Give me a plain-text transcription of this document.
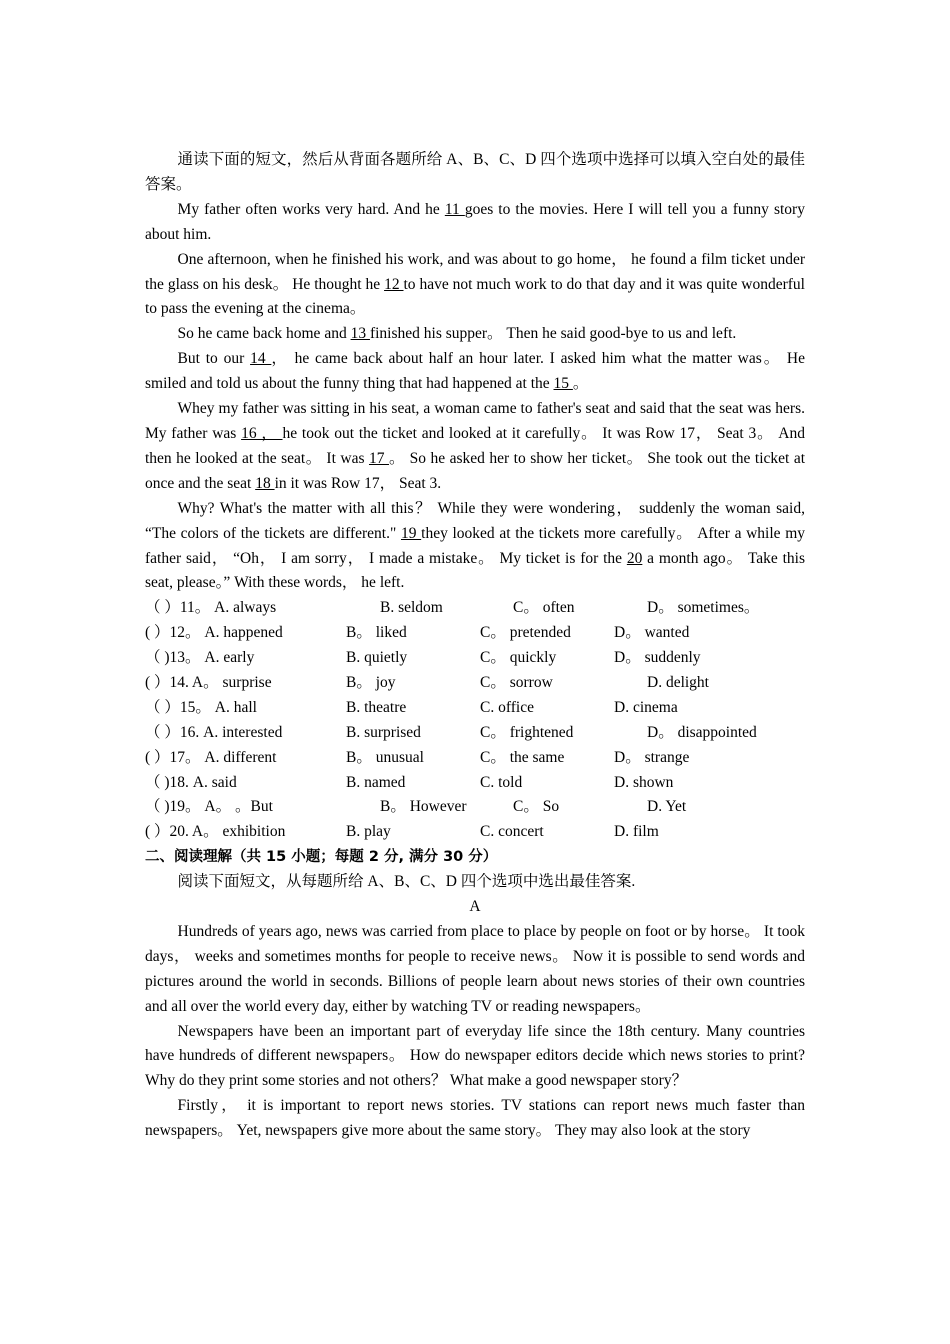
通读下面的短文，然后从背面各题所给 A、B、C、D 四个选项中选择可以填入空白处的最佳答案。

My father often works very hard. And he 11 goes to the movies. Here I will tell you a funny story about him.

One afternoon, when he finished his work, and was about to go home， he found a film ticket under the glass on his desk。 He thought he 12 to have not much work to do that day and it was quite wonderful to pass the evening at the cinema。

So he came back home and 13 finished his supper。 Then he said good-bye to us and left.

But to our 14 ， he came back about half an hour later. I asked him what the matter was。 He smiled and told us about the funny thing that had happened at the 15 。

Whey my father was sitting in his seat, a woman came to father's seat and said that the seat was hers. My father was 16 ， he took out the ticket and looked at it carefully。 It was Row 17， Seat 3。 And then he looked at the seat。 It was 17 。 So he asked her to show her ticket。 She took out the ticket at once and the seat 18 in it was Row 17， Seat 3.

Why? What's the matter with all this？ While they were wondering， suddenly the woman said, “The colors of the tickets are different." 19 they looked at the tickets more carefully。 After a while my father said， “Oh， I am sorry， I made a mistake。 My ticket is for the 20 a month ago。 Take this seat, please。” With these words， he left.

（ ）11。 A. always	B. seldom	C。 often	D。 sometimes。
( ）12。 A. happened	B。 liked	C。 pretended	D。 wanted
（ )13。 A. early	B. quietly	C。 quickly	D。 suddenly
( ）14. A。 surprise	B。 joy	C。 sorrow	D. delight
（ ）15。 A. hall	B. theatre	C. office	D. cinema
（ ）16. A. interested	B. surprised	C。 frightened	D。 disappointed
( ）17。 A. different	B。 unusual	C。 the same	D。 strange
（ )18. A. said	B. named	C. told	D. shown
（ )19。 A。 。But	B。 However	C。 So	D. Yet
( ）20. A。 exhibition	B. play	C. concert	D. film

二、阅读理解（共 15 小题；每题 2 分, 满分 30 分）

阅读下面短文，从每题所给 A、B、C、D 四个选项中选出最佳答案.

A

Hundreds of years ago, news was carried from place to place by people on foot or by horse。 It took days， weeks and sometimes months for people to receive news。 Now it is possible to send words and pictures around the world in seconds. Billions of people learn about news stories of their own countries and all over the world every day, either by watching TV or reading newspapers。

Newspapers have been an important part of everyday life since the 18th century. Many countries have hundreds of different newspapers。 How do newspaper editors decide which news stories to print? Why do they print some stories and not others？ What make a good newspaper story？

Firstly， it is important to report news stories. TV stations can report news much faster than newspapers。 Yet, newspapers give more about the same story。 They may also look at the story
